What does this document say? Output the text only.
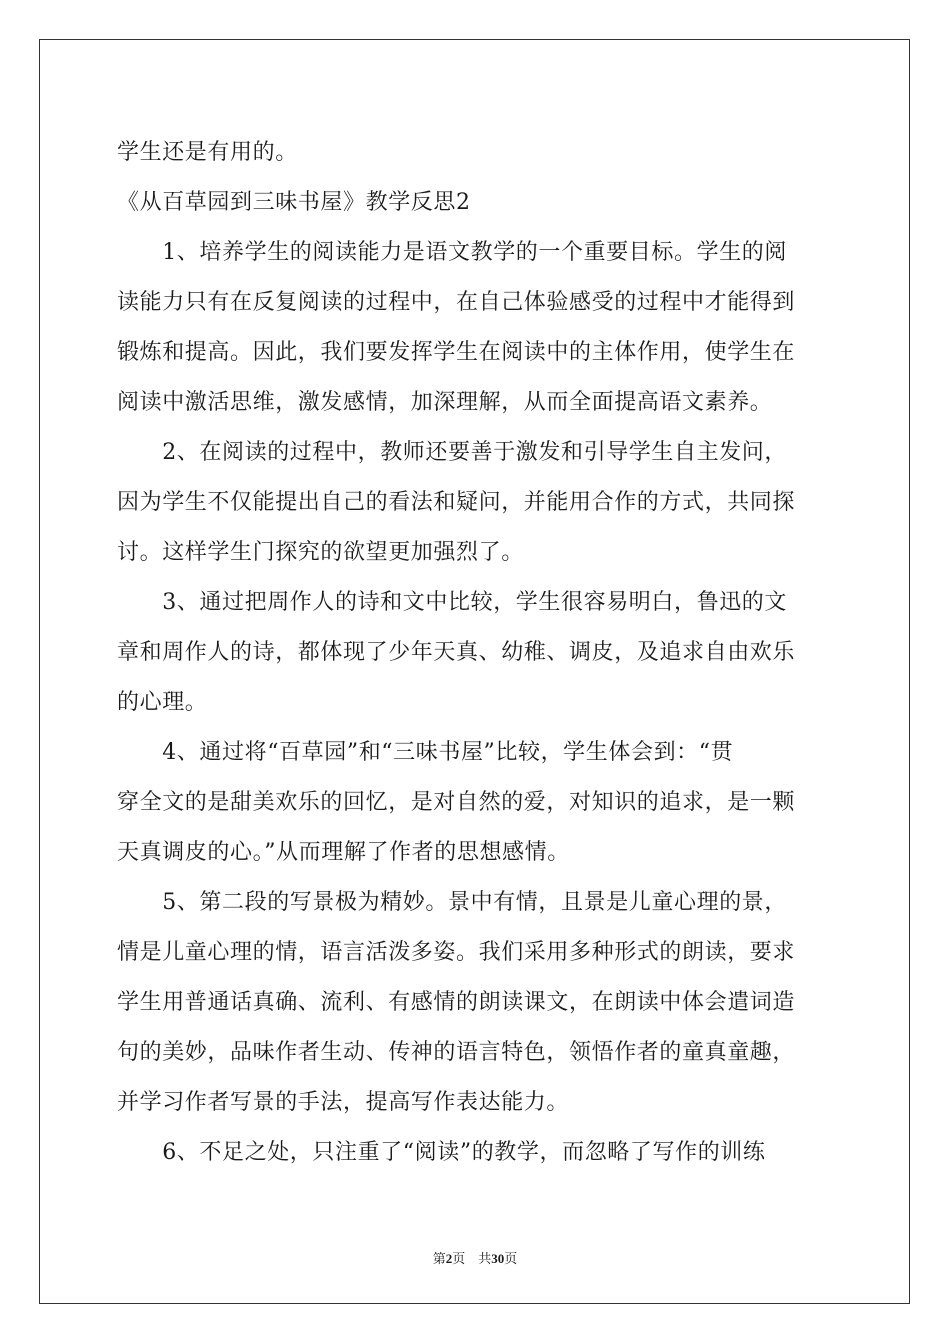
学生还是有用的。
《从百草园到三味书屋》教学反思2
　　1、培养学生的阅读能力是语文教学的一个重要目标。学生的阅
读能力只有在反复阅读的过程中，在自己体验感受的过程中才能得到
锻炼和提高。因此，我们要发挥学生在阅读中的主体作用，使学生在
阅读中激活思维，激发感情，加深理解，从而全面提高语文素养。
　　2、在阅读的过程中，教师还要善于激发和引导学生自主发问，
因为学生不仅能提出自己的看法和疑问，并能用合作的方式，共同探
讨。这样学生门探究的欲望更加强烈了。
　　3、通过把周作人的诗和文中比较，学生很容易明白，鲁迅的文
章和周作人的诗，都体现了少年天真、幼稚、调皮，及追求自由欢乐
的心理。
　　4、通过将“百草园”和“三味书屋”比较，学生体会到：“贯
穿全文的是甜美欢乐的回忆，是对自然的爱，对知识的追求，是一颗
天真调皮的心。”从而理解了作者的思想感情。
　　5、第二段的写景极为精妙。景中有情，且景是儿童心理的景，
情是儿童心理的情，语言活泼多姿。我们采用多种形式的朗读，要求
学生用普通话真确、流利、有感情的朗读课文，在朗读中体会遣词造
句的美妙，品味作者生动、传神的语言特色，领悟作者的童真童趣，
并学习作者写景的手法，提高写作表达能力。
　　6、不足之处，只注重了“阅读”的教学，而忽略了写作的训练
第2页　共30页
